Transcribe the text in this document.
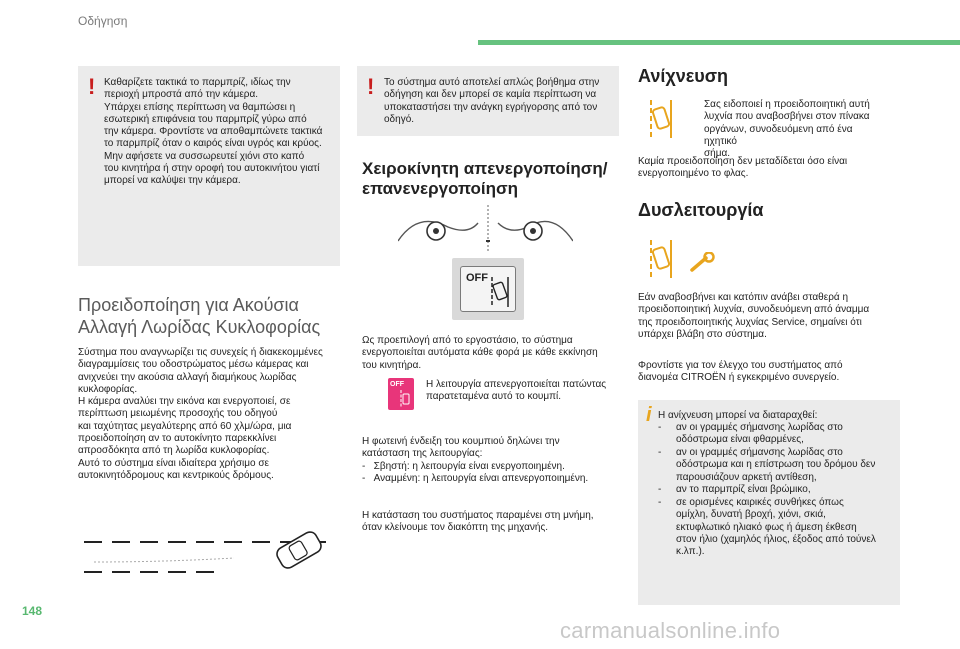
Οδήγηση
! Καθαρίζετε τακτικά το παρμπρίζ, ιδίως την
περιοχή μπροστά από την κάμερα.
Υπάρχει επίσης περίπτωση να θαμπώσει η
εσωτερική επιφάνεια του παρμπρίζ γύρω από
την κάμερα. Φροντίστε να αποθαμπώνετε τακτικά
το παρμπρίζ όταν ο καιρός είναι υγρός και κρύος.
Μην αφήσετε να συσσωρευτεί χιόνι στο καπό
του κινητήρα ή στην οροφή του αυτοκινήτου γιατί
μπορεί να καλύψει την κάμερα.
Προειδοποίηση για Ακούσια
Αλλαγή Λωρίδας Κυκλοφορίας
Σύστημα που αναγνωρίζει τις συνεχείς ή διακεκομμένες
διαγραμμίσεις του οδοστρώματος μέσω κάμερας και
ανιχνεύει την ακούσια αλλαγή διαμήκους λωρίδας
κυκλοφορίας.
Η κάμερα αναλύει την εικόνα και ενεργοποιεί, σε
περίπτωση μειωμένης προσοχής του οδηγού
και ταχύτητας μεγαλύτερης από 60 χλμ/ώρα, μια
προειδοποίηση αν το αυτοκίνητο παρεκκλίνει
απροσδόκητα από τη λωρίδα κυκλοφορίας.
Αυτό το σύστημα είναι ιδιαίτερα χρήσιμο σε
αυτοκινητόδρομους και κεντρικούς δρόμους.
! Το σύστημα αυτό αποτελεί απλώς βοήθημα στην
οδήγηση και δεν μπορεί σε καμία περίπτωση να
υποκαταστήσει την ανάγκη εγρήγορσης από τον
οδηγό.
Χειροκίνητη απενεργοποίηση/
επανενεργοποίηση
OFF
Ως προεπιλογή από το εργοστάσιο, το σύστημα
ενεργοποιείται αυτόματα κάθε φορά με κάθε εκκίνηση
του κινητήρα.
OFF Η λειτουργία απενεργοποιείται πατώντας
παρατεταμένα αυτό το κουμπί.
Η φωτεινή ένδειξη του κουμπιού δηλώνει την
κατάσταση της λειτουργίας:
-   Σβηστή: η λειτουργία είναι ενεργοποιημένη.
-   Αναμμένη: η λειτουργία είναι απενεργοποιημένη.
Η κατάσταση του συστήματος παραμένει στη μνήμη,
όταν κλείνουμε τον διακόπτη της μηχανής.
Ανίχνευση
Σας ειδοποιεί η προειδοποιητική αυτή
λυχνία που αναβοσβήνει στον πίνακα
οργάνων, συνοδευόμενη από ένα ηχητικό
σήμα.
Καμία προειδοποίηση δεν μεταδίδεται όσο είναι
ενεργοποιημένο το φλας.
Δυσλειτουργία
Εάν αναβοσβήνει και κατόπιν ανάβει σταθερά η
προειδοποιητική λυχνία, συνοδευόμενη από άναμμα
της προειδοποιητικής λυχνίας Service, σημαίνει ότι
υπάρχει βλάβη στο σύστημα.
Φροντίστε για τον έλεγχο του συστήματος από
διανομέα CITROËN ή εγκεκριμένο συνεργείο.
i Η ανίχνευση μπορεί να διαταραχθεί:
- αν οι γραμμές σήμανσης λωρίδας στο
οδόστρωμα είναι φθαρμένες,
- αν οι γραμμές σήμανσης λωρίδας στο
οδόστρωμα και η επίστρωση του δρόμου δεν
παρουσιάζουν αρκετή αντίθεση,
- αν το παρμπρίζ είναι βρώμικο,
- σε ορισμένες καιρικές συνθήκες όπως
ομίχλη, δυνατή βροχή, χιόνι, σκιά,
εκτυφλωτικό ηλιακό φως ή άμεση έκθεση
στον ήλιο (χαμηλός ήλιος, έξοδος από τούνελ
κ.λπ.).
148
carmanualsonline.info
